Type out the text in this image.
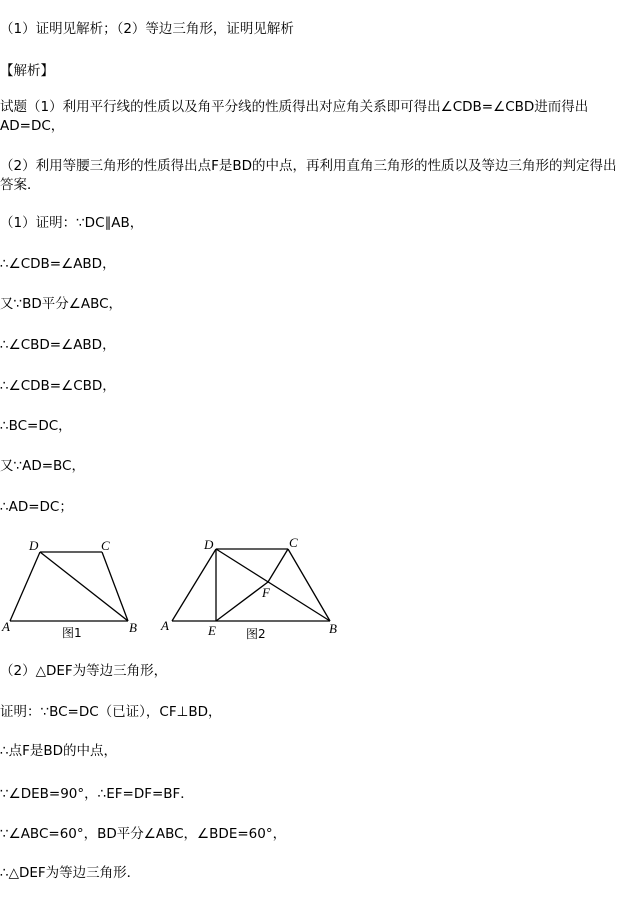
（1）证明见解析；（2）等边三角形，证明见解析
【解析】
试题（1）利用平行线的性质以及角平分线的性质得出对应角关系即可得出∠CDB=∠CBD进而得出AD=DC，
（2）利用等腰三角形的性质得出点F是BD的中点，再利用直角三角形的性质以及等边三角形的判定得出答案．
（1）证明：∵DC∥AB，
∴∠CDB=∠ABD，
又∵BD平分∠ABC，
∴∠CBD=∠ABD，
∴∠CDB=∠CBD，
∴BC=DC，
又∵AD=BC，
∴AD=DC；
D	C
A	B
图1
D	C
A	E
F
B
图2
（2）△DEF为等边三角形，
证明：∵BC=DC（已证），CF⊥BD，
∴点F是BD的中点，
∵∠DEB=90°，∴EF=DF=BF．
∵∠ABC=60°，BD平分∠ABC，∠BDE=60°，
∴△DEF为等边三角形．
